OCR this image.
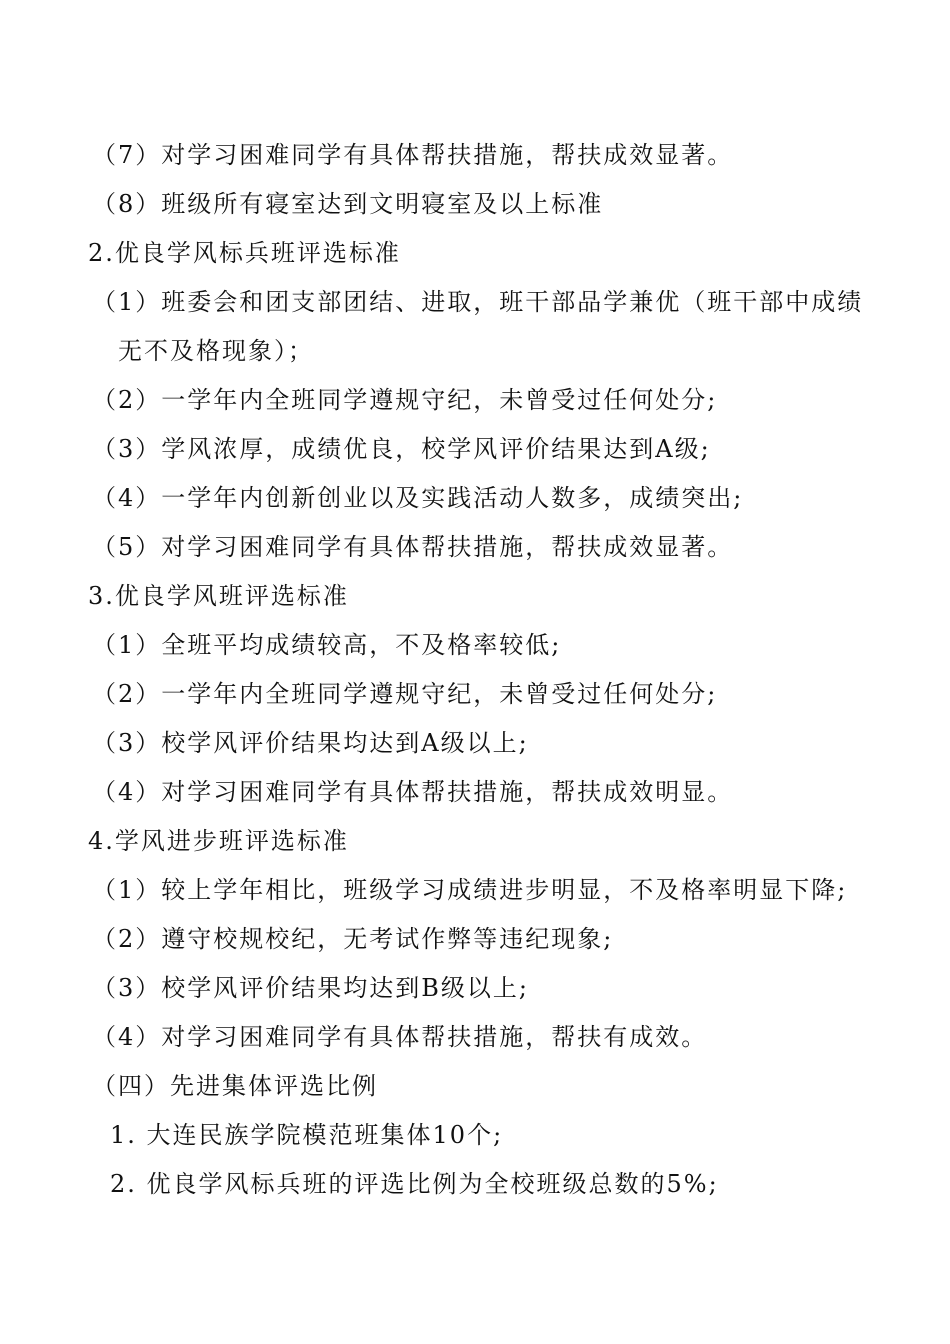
（7）对学习困难同学有具体帮扶措施，帮扶成效显著。
（8）班级所有寝室达到文明寝室及以上标准
2.优良学风标兵班评选标准
（1）班委会和团支部团结、进取，班干部品学兼优（班干部中成绩
无不及格现象）；
（2）一学年内全班同学遵规守纪，未曾受过任何处分;
（3）学风浓厚，成绩优良，校学风评价结果达到A级;
（4）一学年内创新创业以及实践活动人数多，成绩突出;
（5）对学习困难同学有具体帮扶措施，帮扶成效显著。
3.优良学风班评选标准
（1）全班平均成绩较高，不及格率较低;
（2）一学年内全班同学遵规守纪，未曾受过任何处分;
（3）校学风评价结果均达到A级以上;
（4）对学习困难同学有具体帮扶措施，帮扶成效明显。
4.学风进步班评选标准
（1）较上学年相比，班级学习成绩进步明显，不及格率明显下降;
（2）遵守校规校纪，无考试作弊等违纪现象;
（3）校学风评价结果均达到B级以上;
（4）对学习困难同学有具体帮扶措施，帮扶有成效。
（四）先进集体评选比例
1. 大连民族学院模范班集体10个;
2. 优良学风标兵班的评选比例为全校班级总数的5%;
